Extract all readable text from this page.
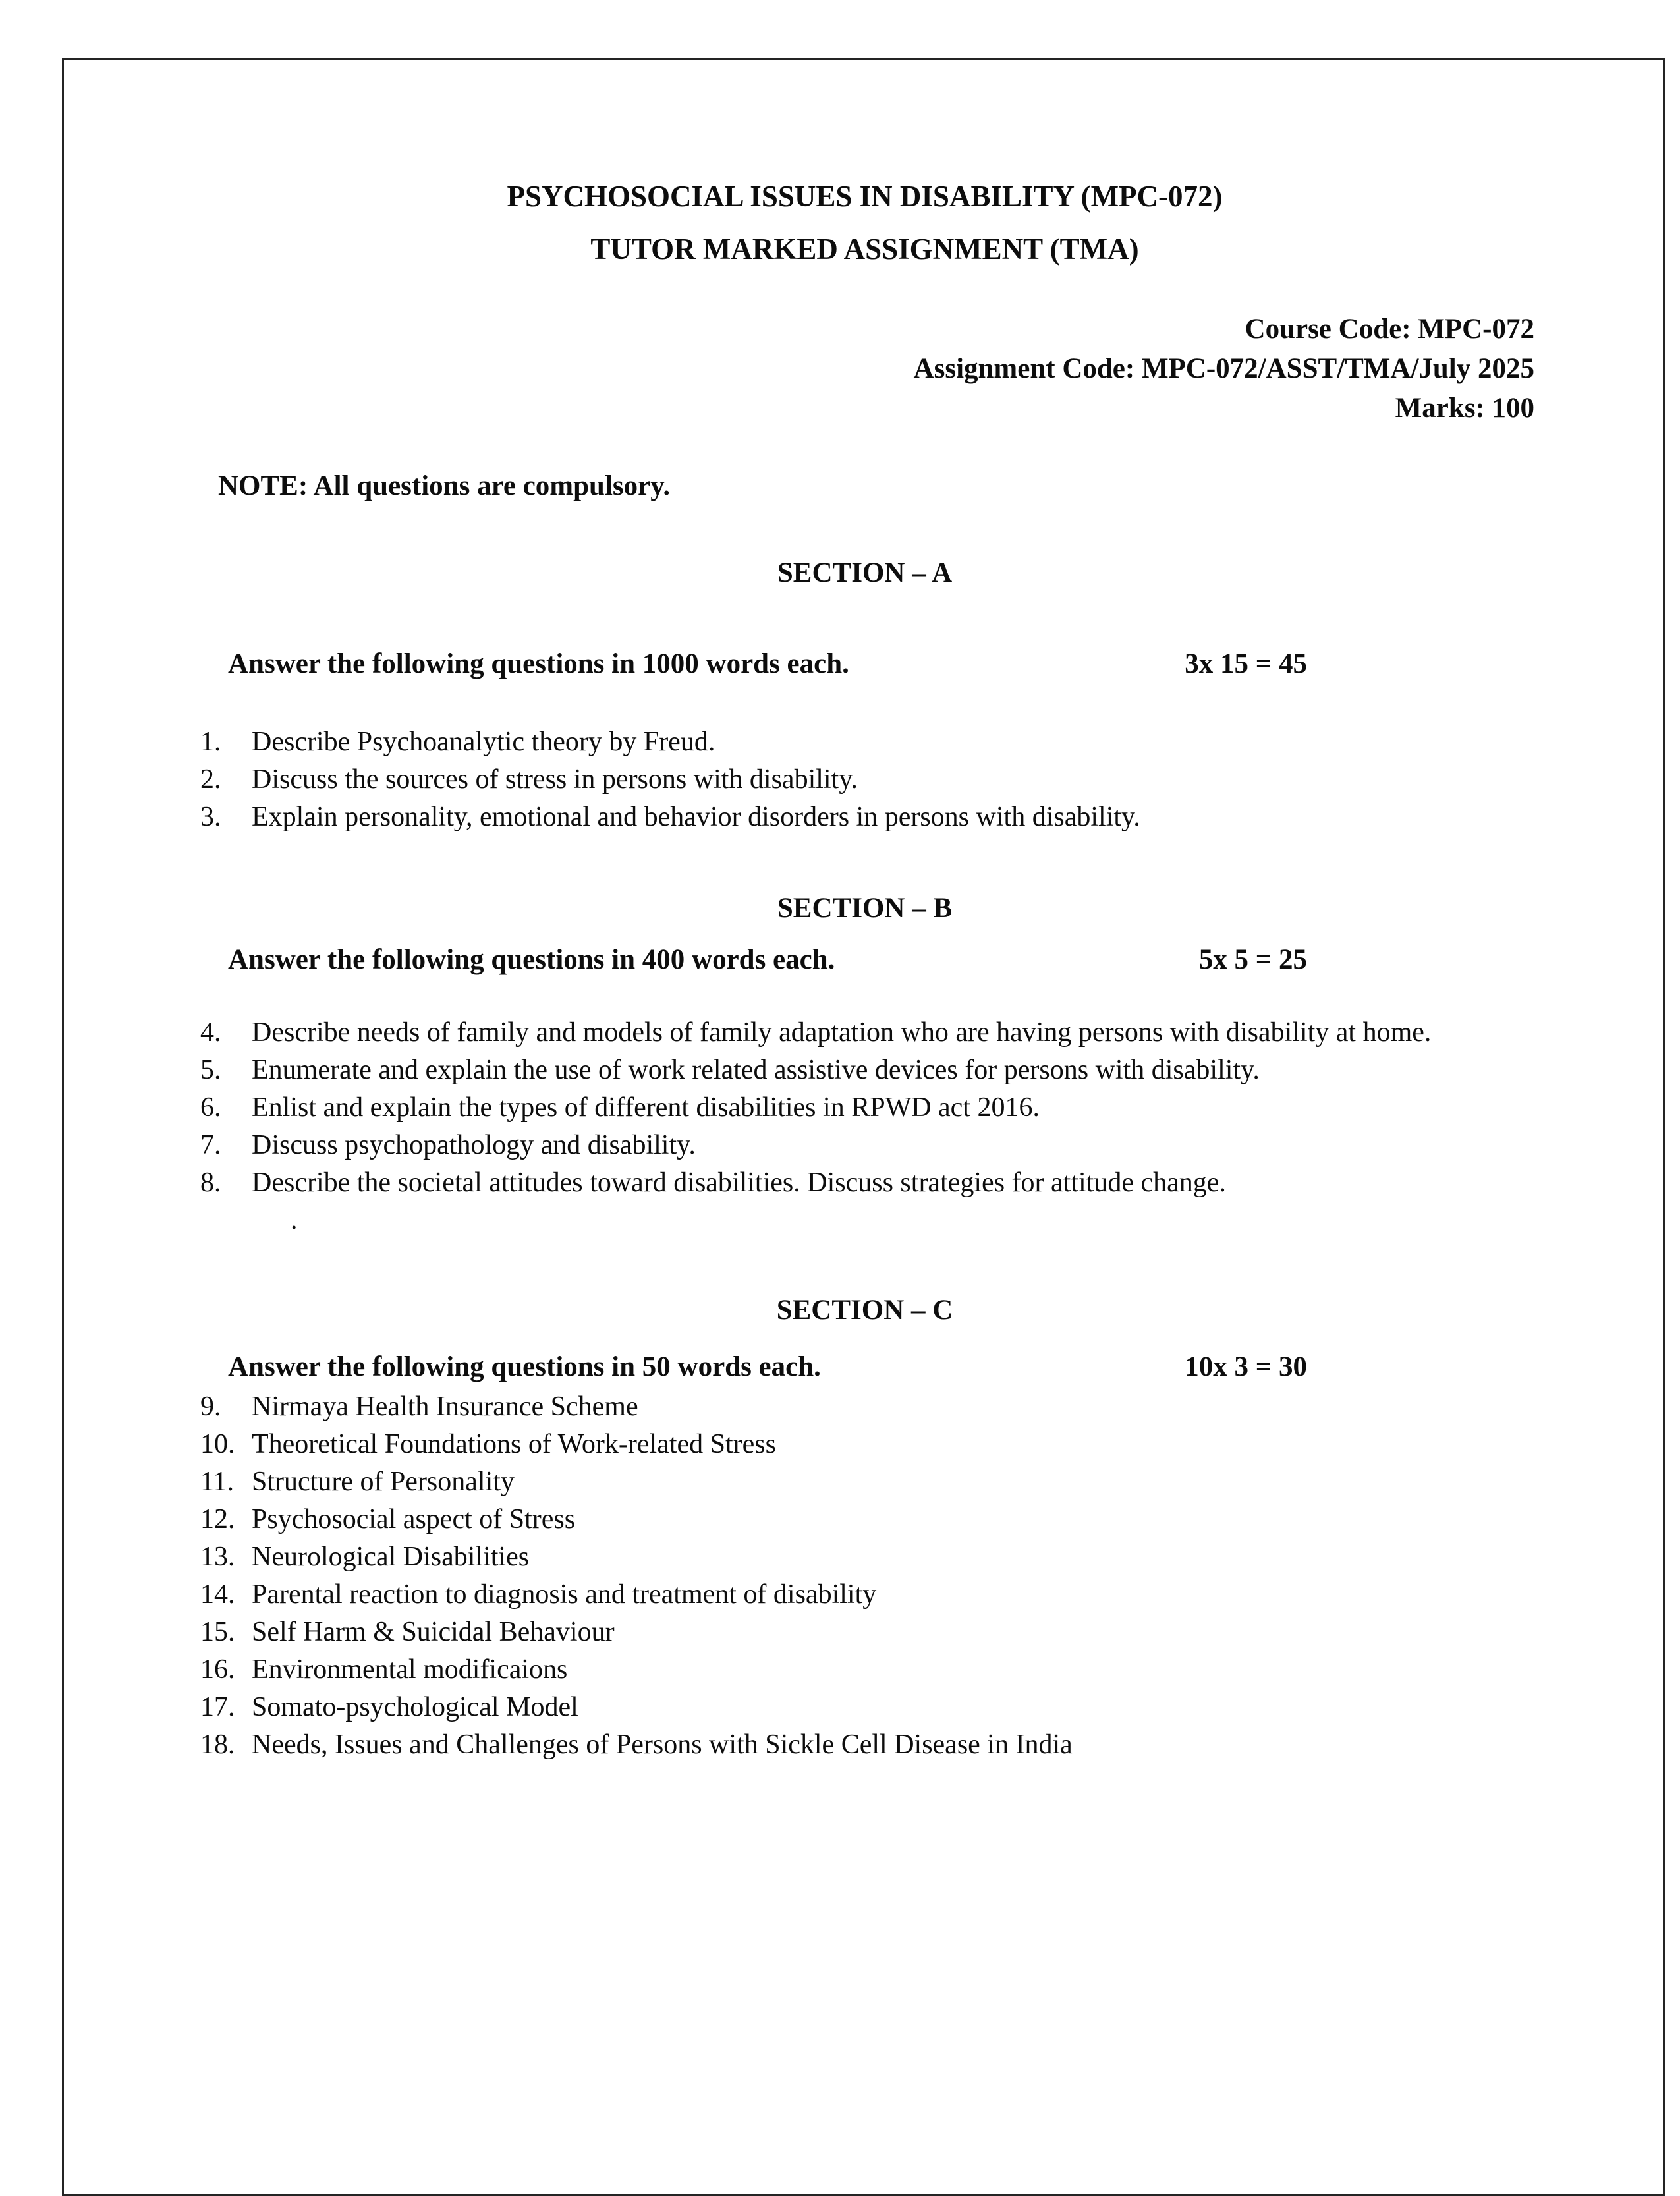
PSYCHOSOCIAL ISSUES IN DISABILITY (MPC-072)
TUTOR MARKED ASSIGNMENT (TMA)
Course Code: MPC-072
Assignment Code: MPC-072/ASST/TMA/July 2025
Marks: 100
NOTE: All questions are compulsory.
SECTION – A
Answer the following questions in 1000 words each.	3x 15 = 45
1.	Describe Psychoanalytic theory by Freud.
2.	Discuss the sources of stress in persons with disability.
3.	Explain personality, emotional and behavior disorders in persons with disability.
SECTION – B
Answer the following questions in 400 words each.	5x 5 = 25
4.	Describe needs of family and models of family adaptation who are having persons with disability at home.
5.	Enumerate and explain the use of work related assistive devices for persons with disability.
6.	Enlist and explain the types of different disabilities in RPWD act 2016.
7.	Discuss psychopathology and disability.
8.	Describe the societal attitudes toward disabilities. Discuss strategies for attitude change.
.
SECTION – C
Answer the following questions in 50 words each.	10x 3 = 30
9.	Nirmaya Health Insurance Scheme
10. Theoretical Foundations of Work-related Stress
11. Structure of Personality
12. Psychosocial aspect of Stress
13. Neurological Disabilities
14. Parental reaction to diagnosis and treatment of disability
15. Self Harm & Suicidal Behaviour
16. Environmental modificaions
17. Somato-psychological Model
18. Needs, Issues and Challenges of Persons with Sickle Cell Disease in India
